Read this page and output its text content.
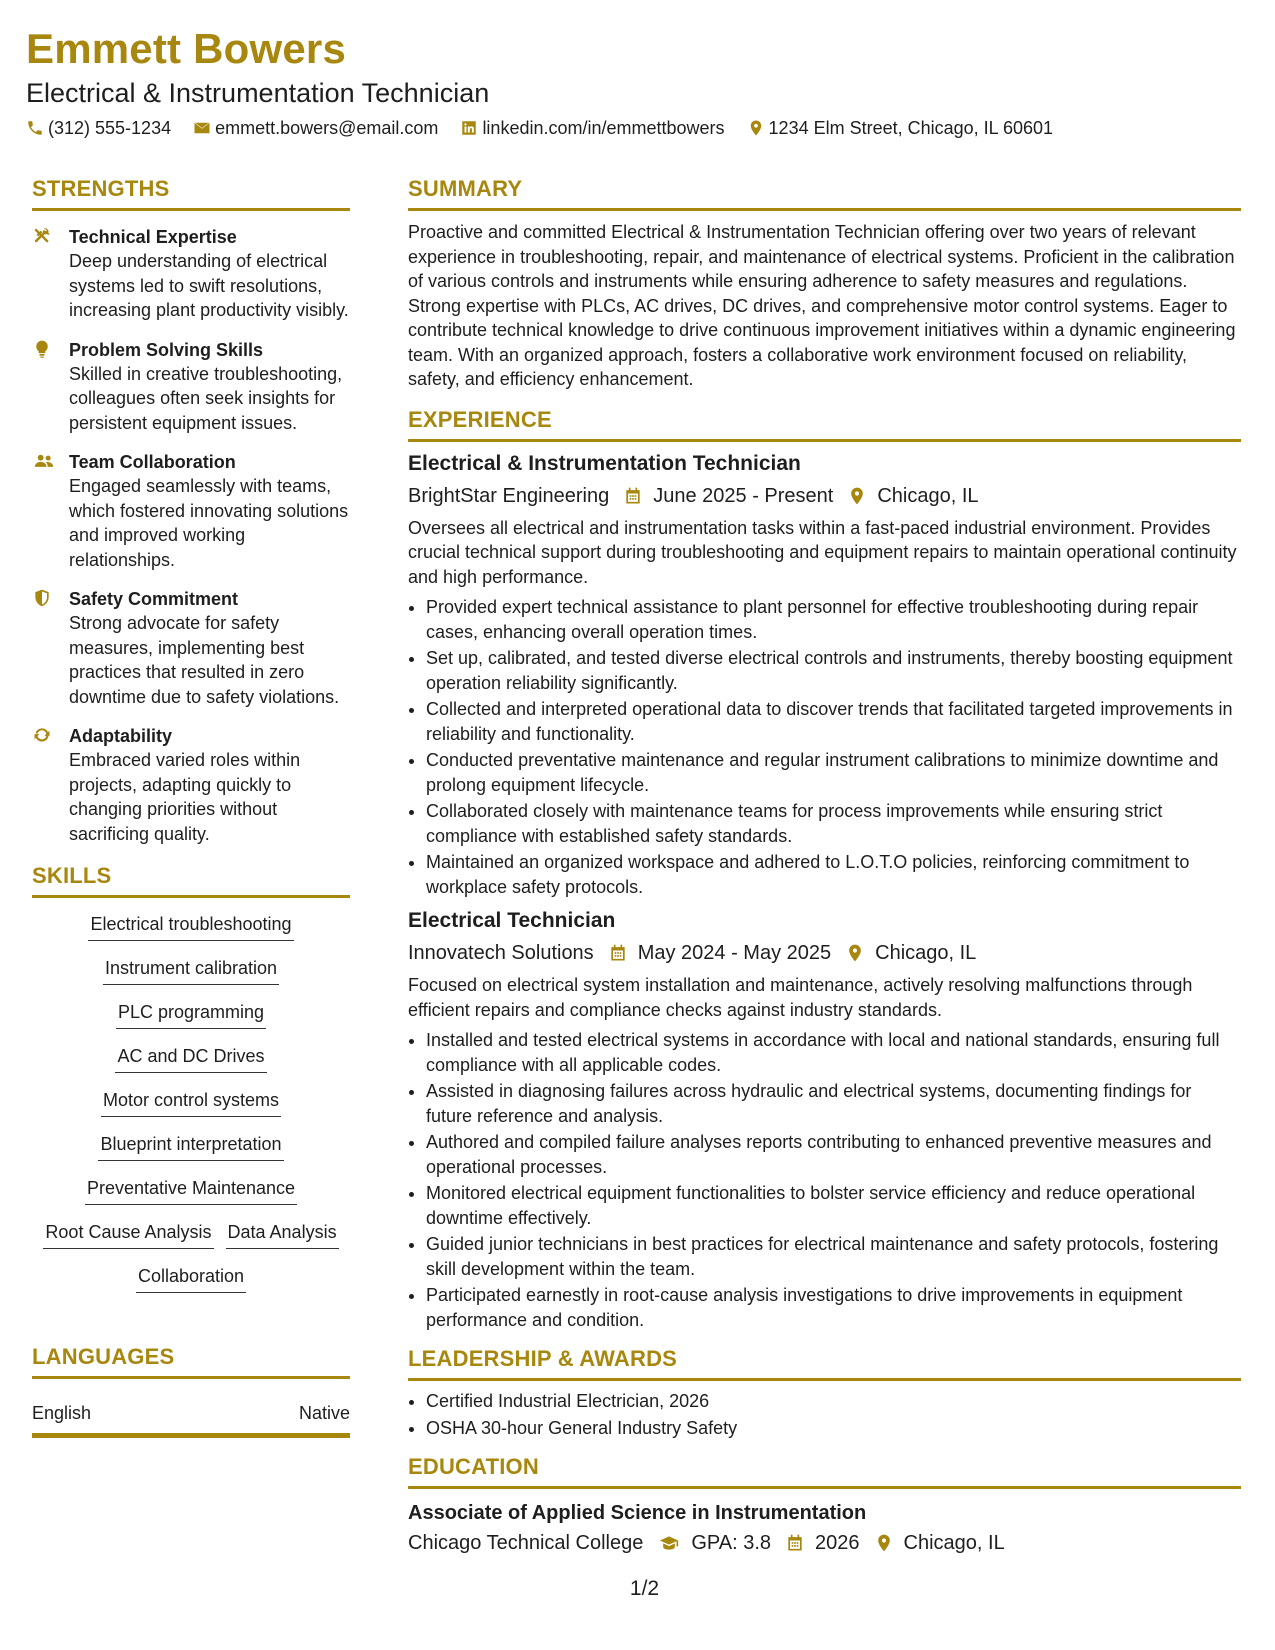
Emmett Bowers
Electrical & Instrumentation Technician
(312) 555-1234 emmett.bowers@email.com linkedin.com/in/emmettbowers 1234 Elm Street, Chicago, IL 60601
STRENGTHS
Technical Expertise
Deep understanding of electrical systems led to swift resolutions, increasing plant productivity visibly.
Problem Solving Skills
Skilled in creative troubleshooting, colleagues often seek insights for persistent equipment issues.
Team Collaboration
Engaged seamlessly with teams, which fostered innovating solutions and improved working relationships.
Safety Commitment
Strong advocate for safety measures, implementing best practices that resulted in zero downtime due to safety violations.
Adaptability
Embraced varied roles within projects, adapting quickly to changing priorities without sacrificing quality.
SKILLS
Electrical troubleshooting
Instrument calibration
PLC programming
AC and DC Drives
Motor control systems
Blueprint interpretation
Preventative Maintenance
Root Cause Analysis Data Analysis
Collaboration
LANGUAGES
English	Native
SUMMARY
Proactive and committed Electrical & Instrumentation Technician offering over two years of relevant experience in troubleshooting, repair, and maintenance of electrical systems. Proficient in the calibration of various controls and instruments while ensuring adherence to safety measures and regulations. Strong expertise with PLCs, AC drives, DC drives, and comprehensive motor control systems. Eager to contribute technical knowledge to drive continuous improvement initiatives within a dynamic engineering team. With an organized approach, fosters a collaborative work environment focused on reliability, safety, and efficiency enhancement.
EXPERIENCE
Electrical & Instrumentation Technician
BrightStar Engineering June 2025 - Present Chicago, IL
Oversees all electrical and instrumentation tasks within a fast-paced industrial environment. Provides crucial technical support during troubleshooting and equipment repairs to maintain operational continuity and high performance.
• Provided expert technical assistance to plant personnel for effective troubleshooting during repair cases, enhancing overall operation times.
• Set up, calibrated, and tested diverse electrical controls and instruments, thereby boosting equipment operation reliability significantly.
• Collected and interpreted operational data to discover trends that facilitated targeted improvements in reliability and functionality.
• Conducted preventative maintenance and regular instrument calibrations to minimize downtime and prolong equipment lifecycle.
• Collaborated closely with maintenance teams for process improvements while ensuring strict compliance with established safety standards.
• Maintained an organized workspace and adhered to L.O.T.O policies, reinforcing commitment to workplace safety protocols.
Electrical Technician
Innovatech Solutions May 2024 - May 2025 Chicago, IL
Focused on electrical system installation and maintenance, actively resolving malfunctions through efficient repairs and compliance checks against industry standards.
• Installed and tested electrical systems in accordance with local and national standards, ensuring full compliance with all applicable codes.
• Assisted in diagnosing failures across hydraulic and electrical systems, documenting findings for future reference and analysis.
• Authored and compiled failure analyses reports contributing to enhanced preventive measures and operational processes.
• Monitored electrical equipment functionalities to bolster service efficiency and reduce operational downtime effectively.
• Guided junior technicians in best practices for electrical maintenance and safety protocols, fostering skill development within the team.
• Participated earnestly in root-cause analysis investigations to drive improvements in equipment performance and condition.
LEADERSHIP & AWARDS
• Certified Industrial Electrician, 2026
• OSHA 30-hour General Industry Safety
EDUCATION
Associate of Applied Science in Instrumentation
Chicago Technical College GPA: 3.8 2026 Chicago, IL
1/2
